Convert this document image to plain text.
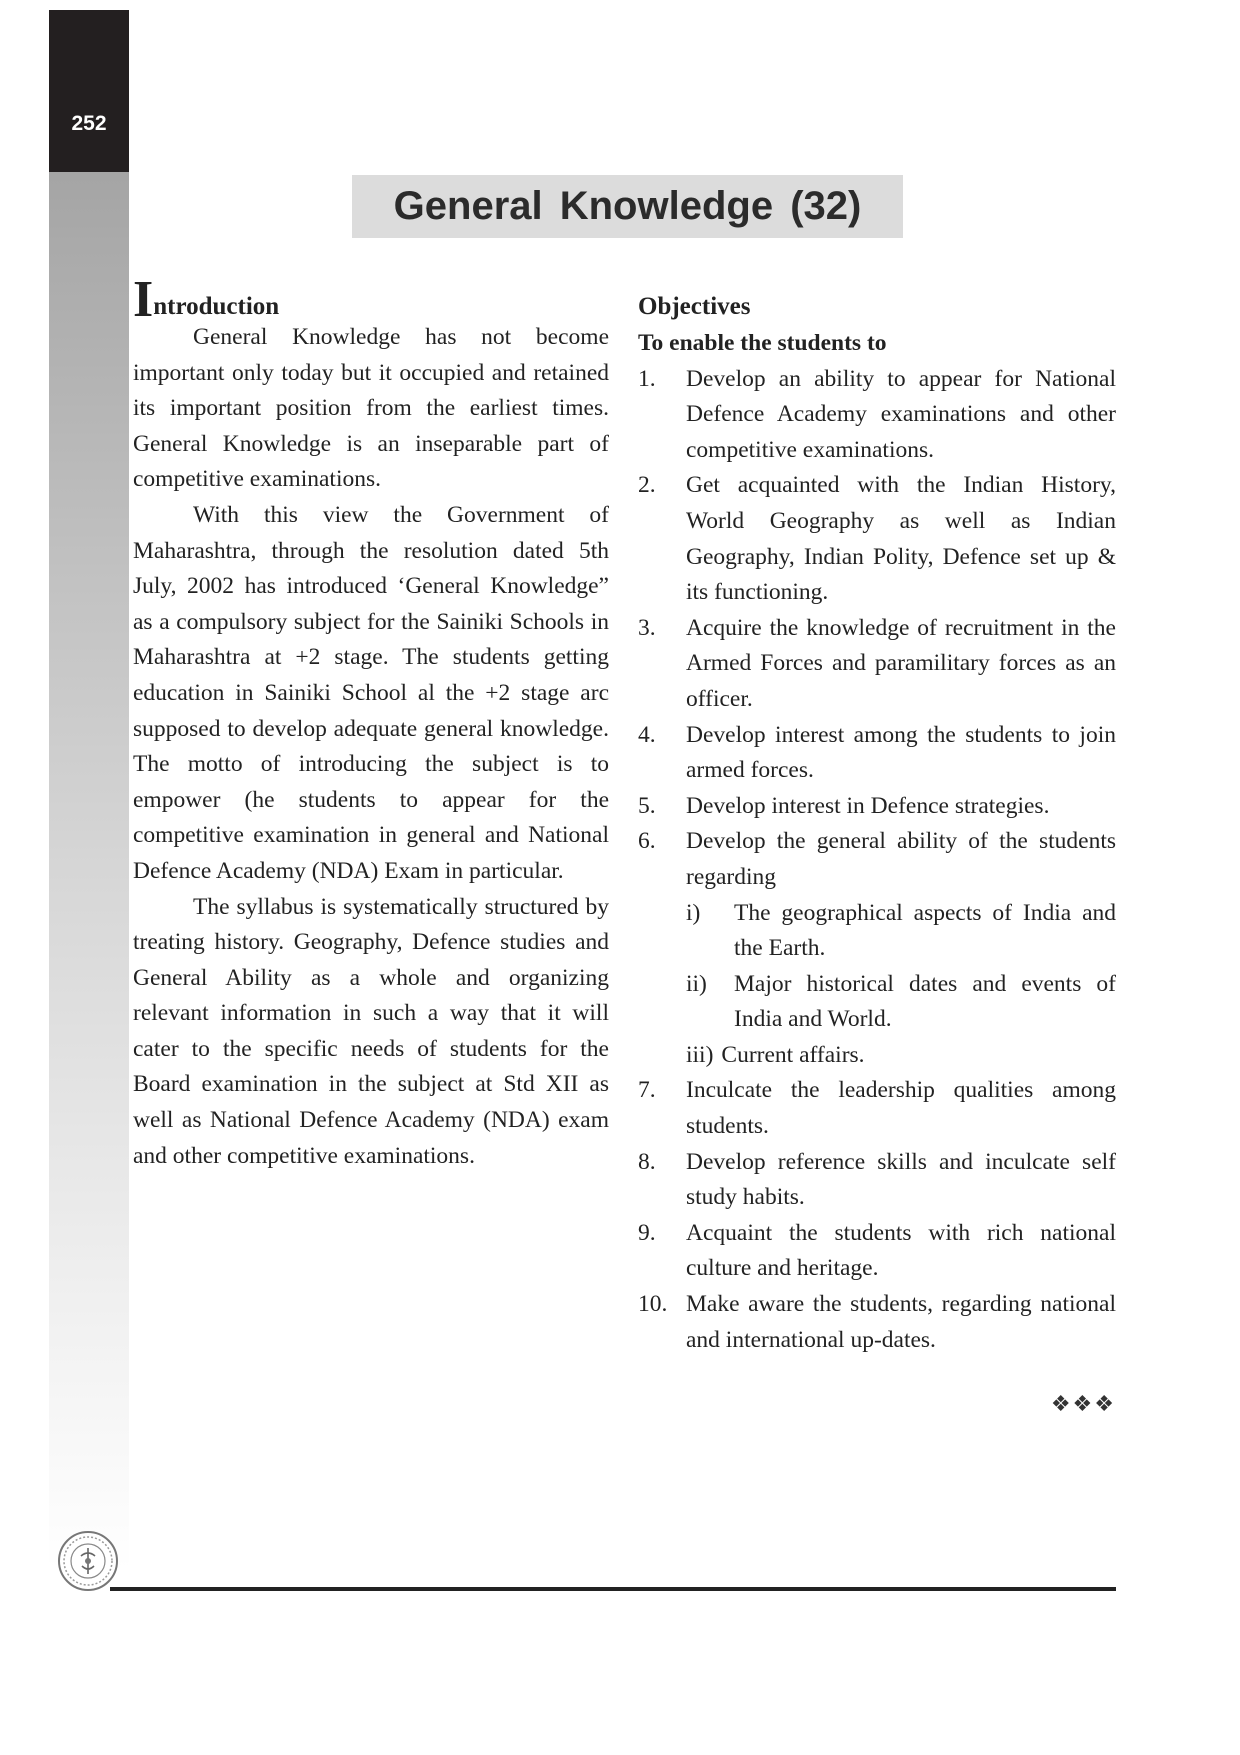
252
General Knowledge (32)

Introduction

General Knowledge has not become important only today but it occupied and retained its important position from the earliest times. General Knowledge is an inseparable part of competitive examinations.

With this view the Government of Maharashtra, through the resolution dated 5th July, 2002 has introduced ‘General Knowledge” as a compulsory subject for the Sainiki Schools in Maharashtra at +2 stage. The students getting education in Sainiki School al the +2 stage arc supposed to develop adequate general knowledge. The motto of introducing the subject is to empower (he students to appear for the competitive examination in general and National Defence Academy (NDA) Exam in particular.

The syllabus is systematically structured by treating history. Geography, Defence studies and General Ability as a whole and organizing relevant information in such a way that it will cater to the specific needs of students for the Board examination in the subject at Std XII as well as National Defence Academy (NDA) exam and other competitive examinations.

Objectives

To enable the students to

1.	Develop an ability to appear for National Defence Academy examinations and other competitive examinations.
2.	Get acquainted with the Indian History, World Geography as well as Indian Geography, Indian Polity, Defence set up & its functioning.
3.	Acquire the knowledge of recruitment in the Armed Forces and paramilitary forces as an officer.
4.	Develop interest among the students to join armed forces.
5.	Develop interest in Defence strategies.
6.	Develop the general ability of the students regarding
i)	The geographical aspects of India and the Earth.
ii)	Major historical dates and events of India and World.
iii) Current affairs.
7.	Inculcate the leadership qualities among students.
8.	Develop reference skills and inculcate self study habits.
9.	Acquaint the students with rich national culture and heritage.
10. Make aware the students, regarding national and international up-dates.
❖❖❖
